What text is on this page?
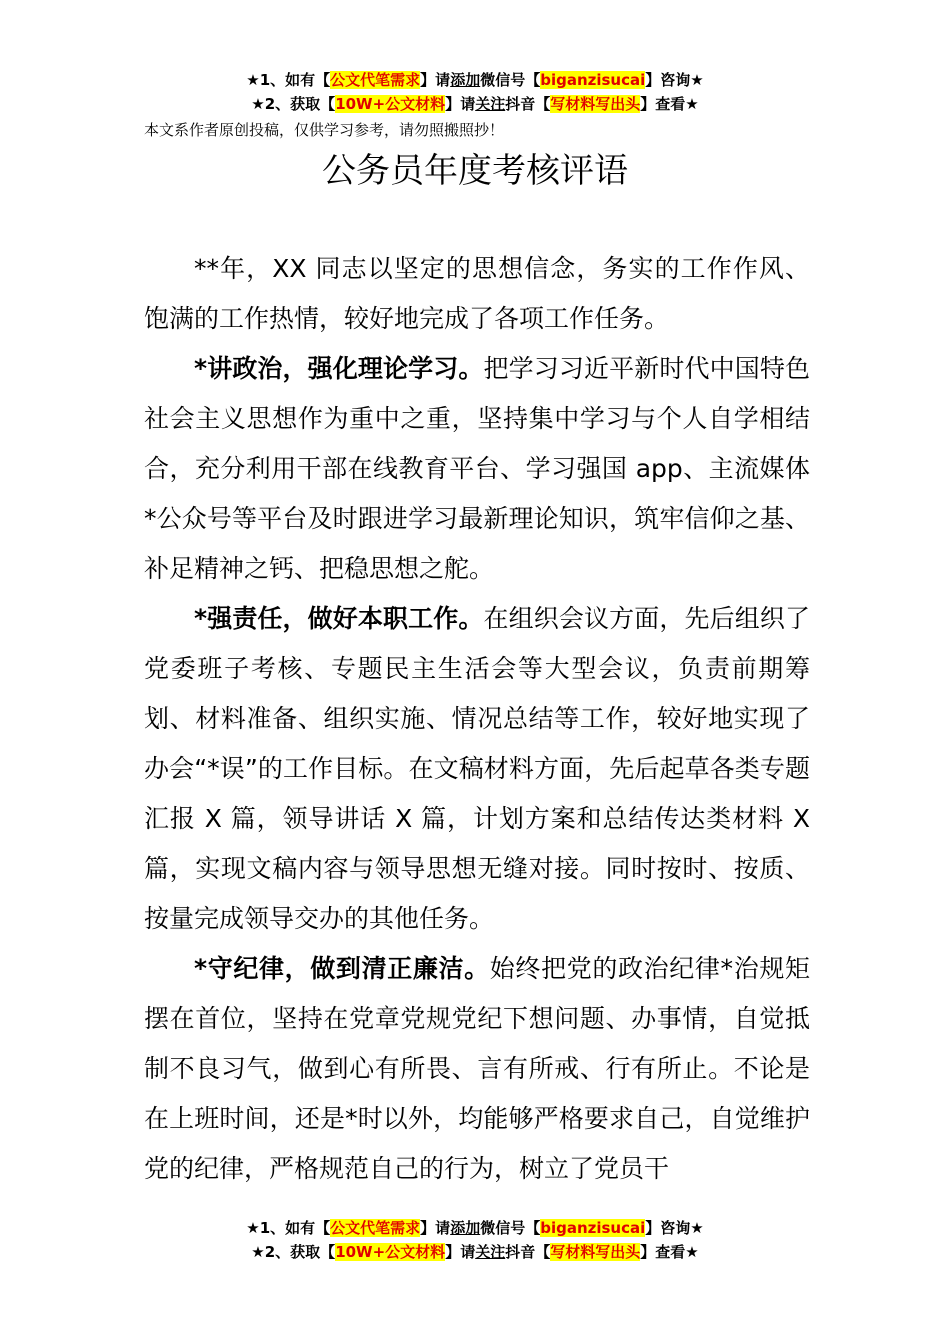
★1、如有【公文代笔需求】请添加微信号【biganzisucai】咨询★
★2、获取【10W+公文材料】请关注抖音【写材料写出头】查看★
本文系作者原创投稿，仅供学习参考，请勿照搬照抄！
公务员年度考核评语

**年，XX 同志以坚定的思想信念，务实的工作作风、饱满的工作热情，较好地完成了各项工作任务。

*讲政治，强化理论学习。把学习习近平新时代中国特色社会主义思想作为重中之重，坚持集中学习与个人自学相结合，充分利用干部在线教育平台、学习强国 app、主流媒体*公众号等平台及时跟进学习最新理论知识，筑牢信仰之基、补足精神之钙、把稳思想之舵。

*强责任，做好本职工作。在组织会议方面，先后组织了党委班子考核、专题民主生活会等大型会议，负责前期筹划、材料准备、组织实施、情况总结等工作，较好地实现了办会“*误”的工作目标。在文稿材料方面，先后起草各类专题汇报 X 篇，领导讲话 X 篇，计划方案和总结传达类材料 X 篇，实现文稿内容与领导思想无缝对接。同时按时、按质、按量完成领导交办的其他任务。

*守纪律，做到清正廉洁。始终把党的政治纪律*治规矩摆在首位，坚持在党章党规党纪下想问题、办事情，自觉抵制不良习气，做到心有所畏、言有所戒、行有所止。不论是在上班时间，还是*时以外，均能够严格要求自己，自觉维护党的纪律，严格规范自己的行为，树立了党员干

★1、如有【公文代笔需求】请添加微信号【biganzisucai】咨询★
★2、获取【10W+公文材料】请关注抖音【写材料写出头】查看★
